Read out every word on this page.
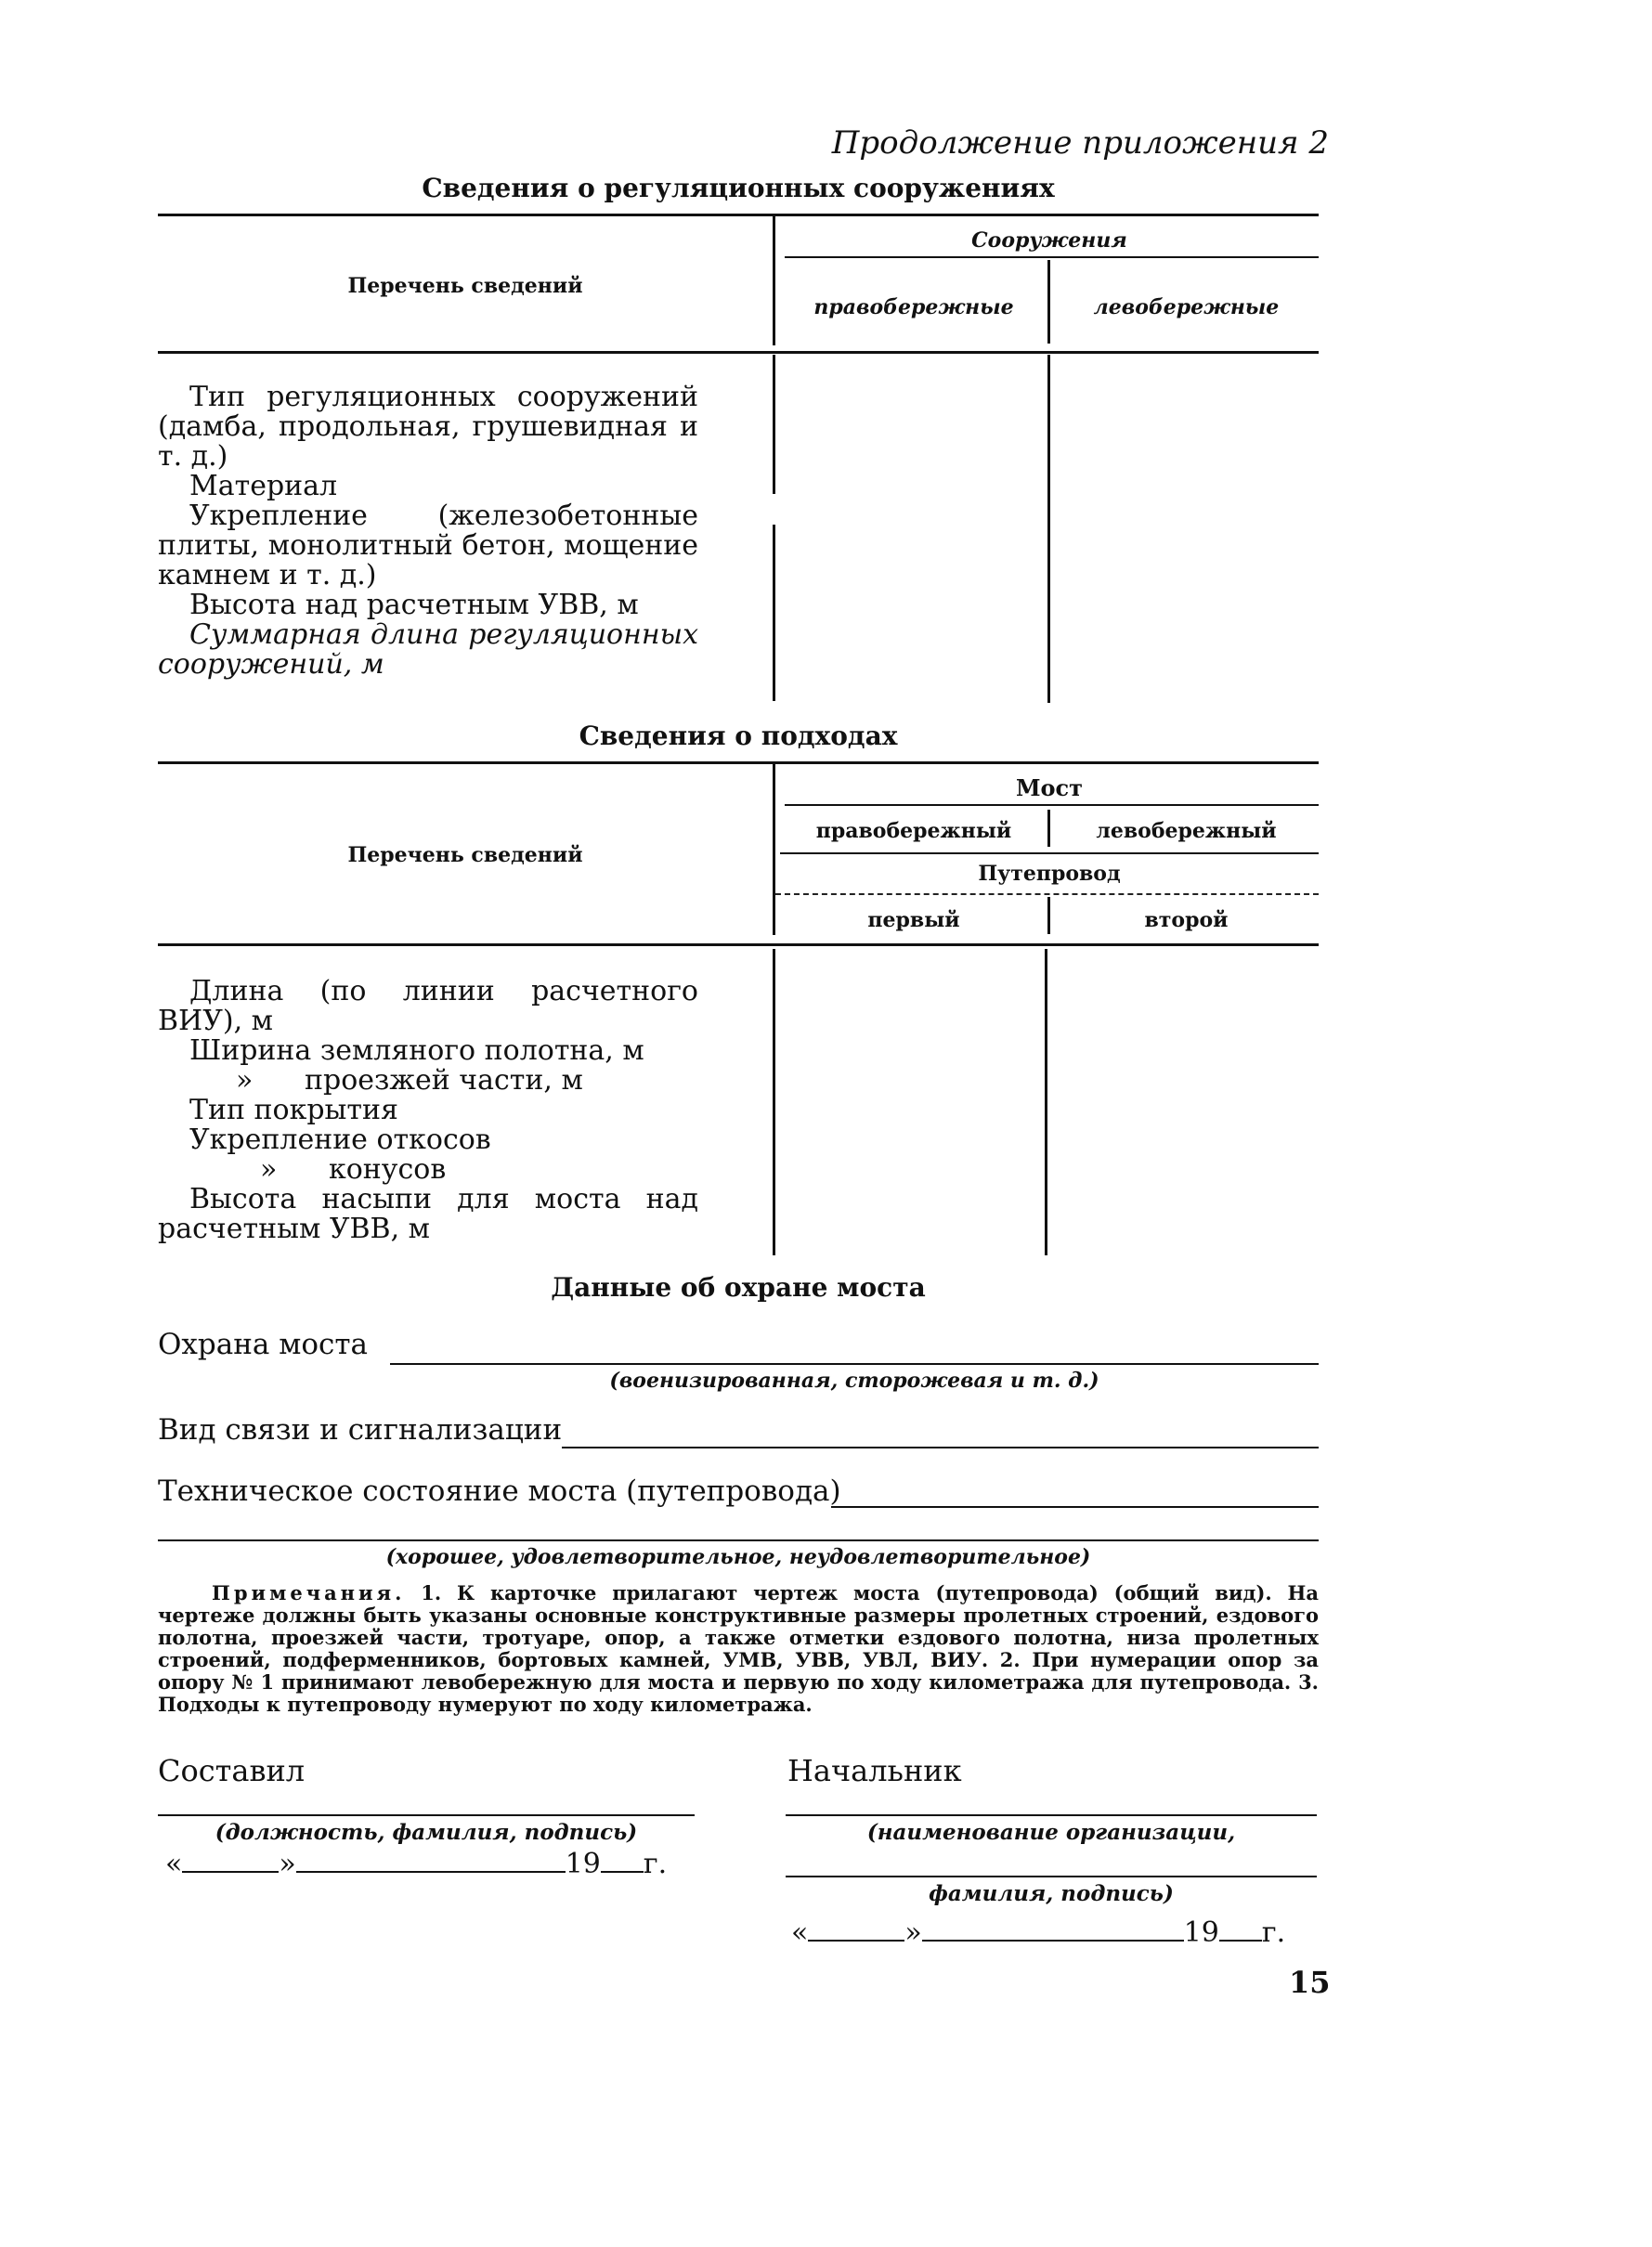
Продолжение приложения 2
Сведения о регуляционных сооружениях
Перечень сведений
Сооружения
правобережные	левобережные
Тип регуляционных сооружений (дамба, продольная, грушевидная и т. д.)
Материал
Укрепление (железобетонные плиты, монолитный бетон, мощение камнем и т. д.)
Высота над расчетным УВВ, м
Суммарная длина регуляционных сооружений, м
Сведения о подходах
Перечень сведений
Мост
правобережный	левобережный
Путепровод
первый	второй
Длина (по линии расчетного ВИУ), м
Ширина земляного полотна, м
» проезжей части, м
Тип покрытия
Укрепление откосов
» конусов
Высота насыпи для моста над расчетным УВВ, м
Данные об охране моста
Охрана моста
(военизированная, сторожевая и т. д.)
Вид связи и сигнализации
Техническое состояние моста (путепровода)
(хорошее, удовлетворительное, неудовлетворительное)
Примечания. 1. К карточке прилагают чертеж моста (путепровода) (общий вид). На чертеже должны быть указаны основные конструктивные размеры пролетных строений, ездового полотна, проезжей части, тротуаре, опор, а также отметки ездового полотна, низа пролетных строений, подферменников, бортовых камней, УМВ, УВВ, УВЛ, ВИУ. 2. При нумерации опор за опору № 1 принимают левобережную для моста и первую по ходу километража для путепровода. 3. Подходы к путепроводу нумеруют по ходу километража.
Составил
(должность, фамилия, подпись)
«	»	19 г.
Начальник
(наименование организации,
фамилия, подпись)
«	»	19 г.
15
